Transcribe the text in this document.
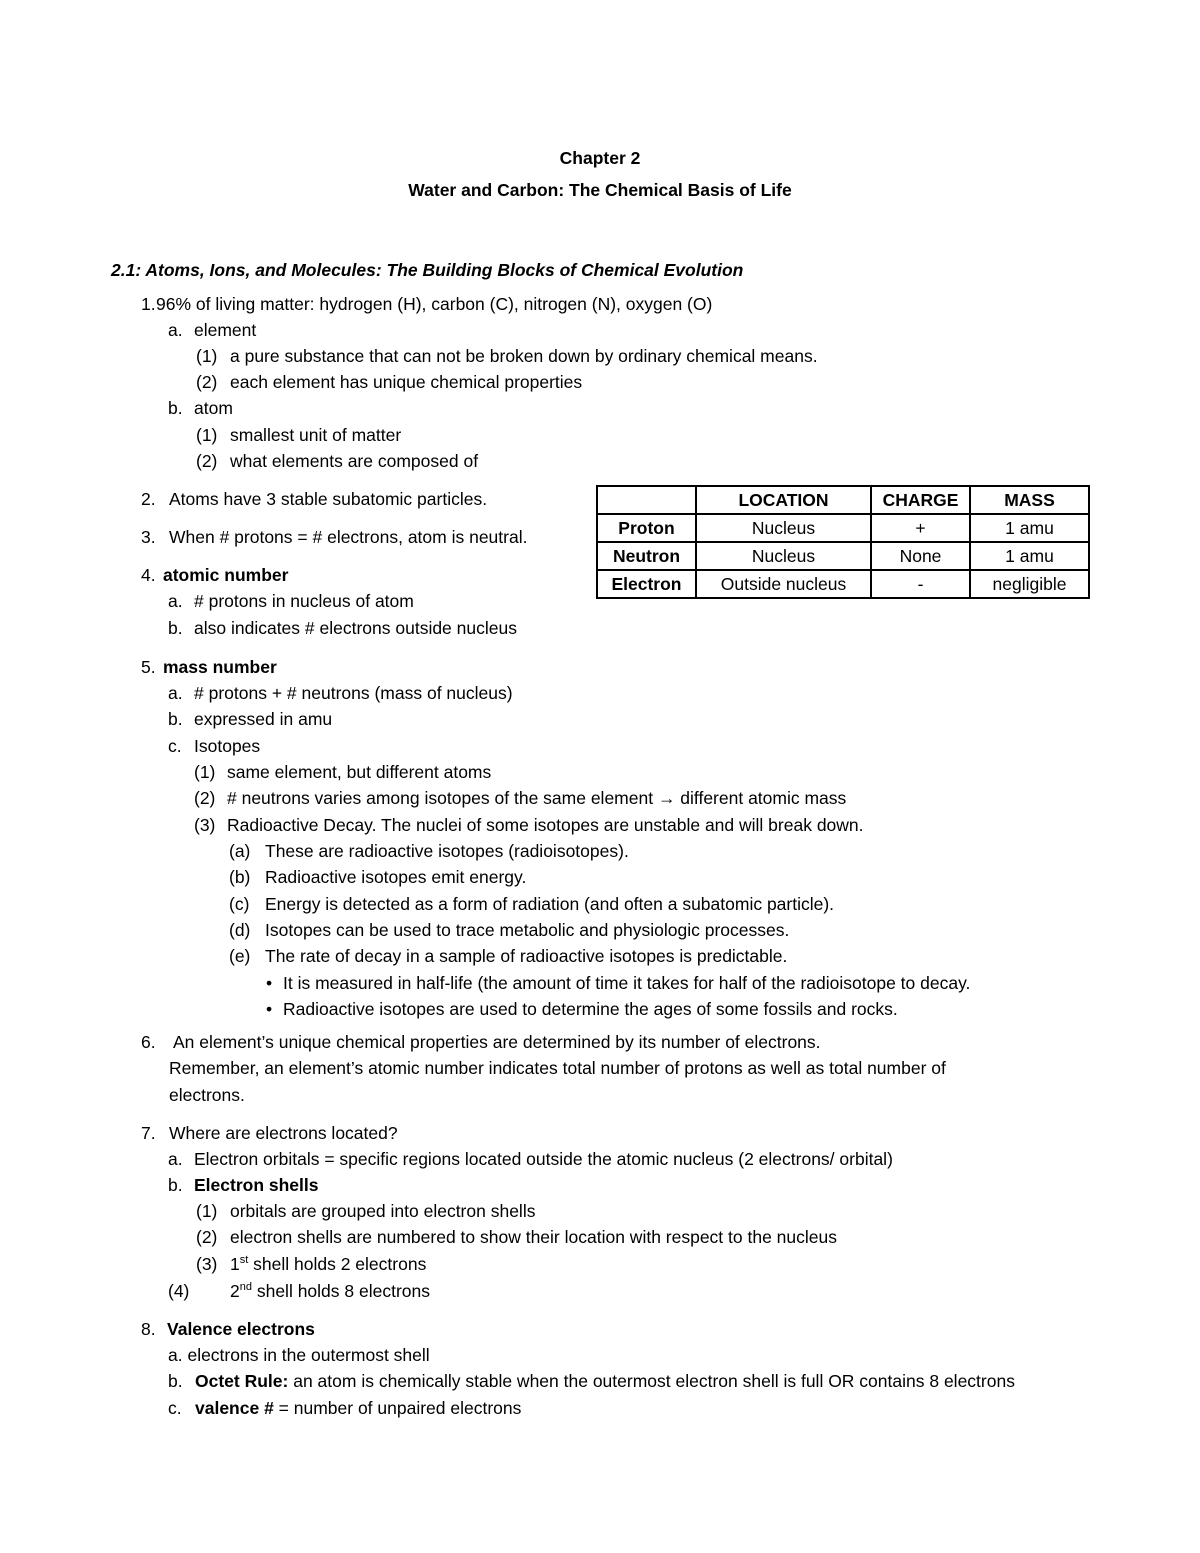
Chapter 2
Water and Carbon: The Chemical Basis of Life
2.1: Atoms, Ions, and Molecules: The Building Blocks of Chemical Evolution
1.96% of living matter: hydrogen (H), carbon (C), nitrogen (N), oxygen (O)
a. element
(1) a pure substance that can not be broken down by ordinary chemical means.
(2) each element has unique chemical properties
b. atom
(1) smallest unit of matter
(2) what elements are composed of
2. Atoms have 3 stable subatomic particles.
3. When # protons = # electrons, atom is neutral.
4. atomic number
a. # protons in nucleus of atom
b. also indicates # electrons outside nucleus
	LOCATION	CHARGE	MASS
Proton	Nucleus	+	1 amu
Neutron	Nucleus	None	1 amu
Electron	Outside nucleus	-	negligible
5. mass number
a. # protons + # neutrons (mass of nucleus)
b. expressed in amu
c. Isotopes
(1) same element, but different atoms
(2) # neutrons varies among isotopes of the same element → different atomic mass
(3) Radioactive Decay. The nuclei of some isotopes are unstable and will break down.
(a) These are radioactive isotopes (radioisotopes).
(b) Radioactive isotopes emit energy.
(c) Energy is detected as a form of radiation (and often a subatomic particle).
(d) Isotopes can be used to trace metabolic and physiologic processes.
(e) The rate of decay in a sample of radioactive isotopes is predictable.
• It is measured in half-life (the amount of time it takes for half of the radioisotope to decay.
• Radioactive isotopes are used to determine the ages of some fossils and rocks.
6. An element’s unique chemical properties are determined by its number of electrons.
Remember, an element’s atomic number indicates total number of protons as well as total number of
electrons.
7. Where are electrons located?
a. Electron orbitals = specific regions located outside the atomic nucleus (2 electrons/ orbital)
b. Electron shells
(1) orbitals are grouped into electron shells
(2) electron shells are numbered to show their location with respect to the nucleus
(3) 1st shell holds 2 electrons
(4) 2nd shell holds 8 electrons
8. Valence electrons
a. electrons in the outermost shell
b. Octet Rule: an atom is chemically stable when the outermost electron shell is full OR contains 8 electrons
c. valence # = number of unpaired electrons
